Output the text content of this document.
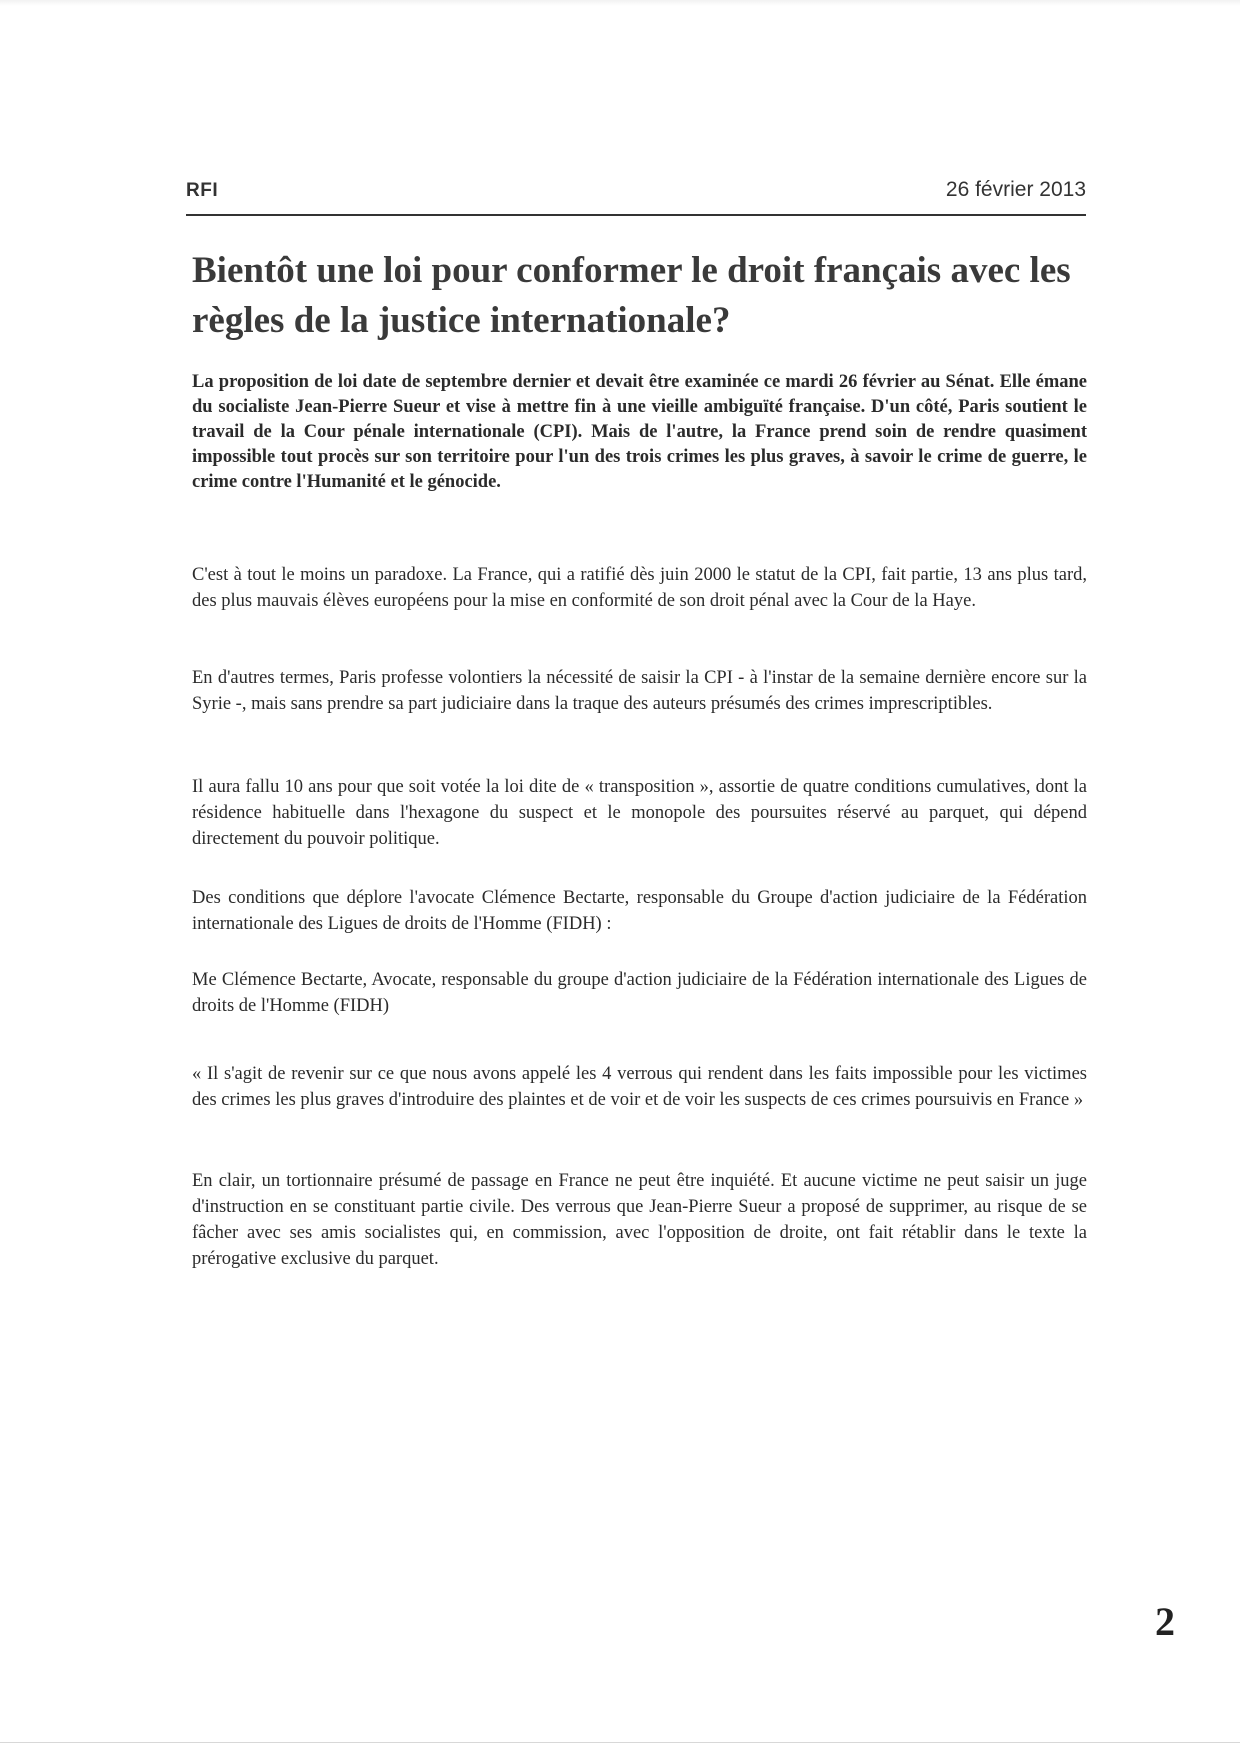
RFI	26 février 2013
Bientôt une loi pour conformer le droit français avec les règles de la justice internationale?

La proposition de loi date de septembre dernier et devait être examinée ce mardi 26 février au Sénat. Elle émane du socialiste Jean-Pierre Sueur et vise à mettre fin à une vieille ambiguïté française. D'un côté, Paris soutient le travail de la Cour pénale internationale (CPI). Mais de l'autre, la France prend soin de rendre quasiment impossible tout procès sur son territoire pour l'un des trois crimes les plus graves, à savoir le crime de guerre, le crime contre l'Humanité et le génocide.

C'est à tout le moins un paradoxe. La France, qui a ratifié dès juin 2000 le statut de la CPI, fait partie, 13 ans plus tard, des plus mauvais élèves européens pour la mise en conformité de son droit pénal avec la Cour de la Haye.

En d'autres termes, Paris professe volontiers la nécessité de saisir la CPI - à l'instar de la semaine dernière encore sur la Syrie -, mais sans prendre sa part judiciaire dans la traque des auteurs présumés des crimes imprescriptibles.

Il aura fallu 10 ans pour que soit votée la loi dite de « transposition », assortie de quatre conditions cumulatives, dont la résidence habituelle dans l'hexagone du suspect et le monopole des poursuites réservé au parquet, qui dépend directement du pouvoir politique.

Des conditions que déplore l'avocate Clémence Bectarte, responsable du Groupe d'action judiciaire de la Fédération internationale des Ligues de droits de l'Homme (FIDH) :

Me Clémence Bectarte, Avocate, responsable du groupe d'action judiciaire de la Fédération internationale des Ligues de droits de l'Homme (FIDH)

« Il s'agit de revenir sur ce que nous avons appelé les 4 verrous qui rendent dans les faits impossible pour les victimes des crimes les plus graves d'introduire des plaintes et de voir et de voir les suspects de ces crimes poursuivis en France »

En clair, un tortionnaire présumé de passage en France ne peut être inquiété. Et aucune victime ne peut saisir un juge d'instruction en se constituant partie civile. Des verrous que Jean-Pierre Sueur a proposé de supprimer, au risque de se fâcher avec ses amis socialistes qui, en commission, avec l'opposition de droite, ont fait rétablir dans le texte la prérogative exclusive du parquet.

2
